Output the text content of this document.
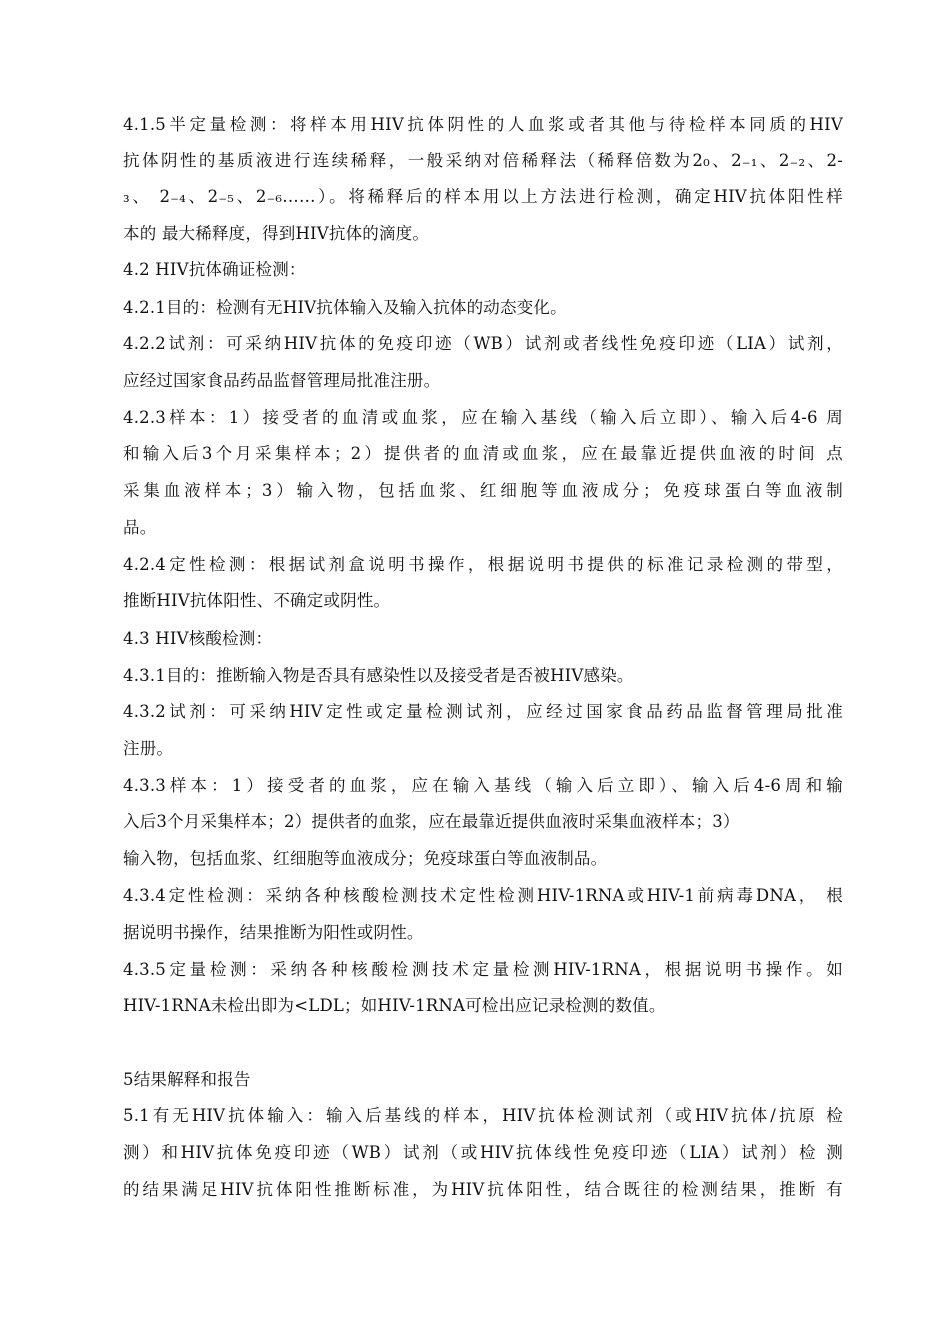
4.1.5半定量检测：将样本用HIV抗体阴性的人血浆或者其他与待检样本同质的HIV
抗体阴性的基质液进行连续稀释，一般采纳对倍稀释法（稀释倍数为2₀、2₋₁、2₋₂、2-
₃、 2₋₄、2₋₅、2₋₆……）。将稀释后的样本用以上方法进行检测，确定HIV抗体阳性样
本的 最大稀释度，得到HIV抗体的滴度。
4.2 HIV抗体确证检测：
4.2.1目的：检测有无HIV抗体输入及输入抗体的动态变化。
4.2.2试剂：可采纳HIV抗体的免疫印迹（WB）试剂或者线性免疫印迹（LIA）试剂，
应经过国家食品药品监督管理局批准注册。
4.2.3样本：1）接受者的血清或血浆，应在输入基线（输入后立即）、输入后4-6 周
和输入后3个月采集样本；2）提供者的血清或血浆，应在最靠近提供血液的时间 点
采集血液样本；3）输入物，包括血浆、红细胞等血液成分；免疫球蛋白等血液制
品。
4.2.4定性检测：根据试剂盒说明书操作，根据说明书提供的标准记录检测的带型，
推断HIV抗体阳性、不确定或阴性。
4.3 HIV核酸检测：
4.3.1目的：推断输入物是否具有感染性以及接受者是否被HIV感染。
4.3.2试剂：可采纳HIV定性或定量检测试剂，应经过国家食品药品监督管理局批准
注册。
4.3.3样本：1）接受者的血浆，应在输入基线（输入后立即）、输入后4-6周和输
入后3个月采集样本；2）提供者的血浆，应在最靠近提供血液时采集血液样本；3）
输入物，包括血浆、红细胞等血液成分；免疫球蛋白等血液制品。
4.3.4定性检测：采纳各种核酸检测技术定性检测HIV-1RNA或HIV-1前病毒DNA， 根
据说明书操作，结果推断为阳性或阴性。
4.3.5定量检测：采纳各种核酸检测技术定量检测HIV-1RNA，根据说明书操作。如
HIV-1RNA未检出即为<LDL；如HIV-1RNA可检出应记录检测的数值。
5结果解释和报告
5.1有无HIV抗体输入：输入后基线的样本，HIV抗体检测试剂（或HIV抗体/抗原 检
测）和HIV抗体免疫印迹（WB）试剂（或HIV抗体线性免疫印迹（LIA）试剂）检 测
的结果满足HIV抗体阳性推断标准，为HIV抗体阳性，结合既往的检测结果，推断 有
